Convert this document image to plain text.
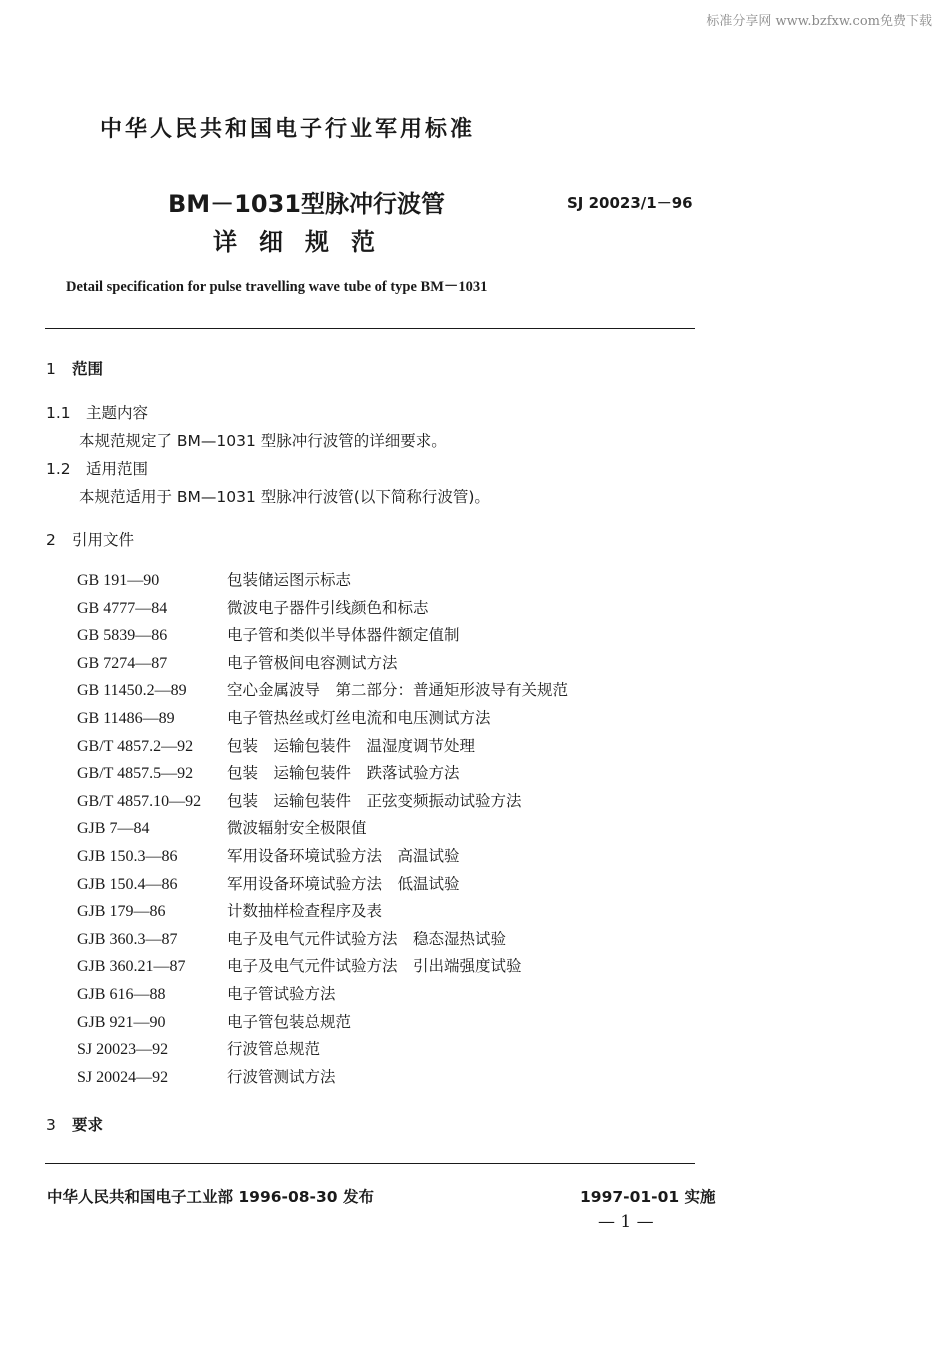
标准分享网 www.bzfxw.com免费下载
中华人民共和国电子行业军用标准
BM－1031型脉冲行波管
详细规范
SJ 20023/1－96
Detail specification for pulse travelling wave tube of type BM－1031
1 范围
1.1 主题内容
本规范规定了 BM—1031 型脉冲行波管的详细要求。
1.2 适用范围
本规范适用于 BM—1031 型脉冲行波管(以下简称行波管)。
2 引用文件
GB 191—90	包装储运图示标志
GB 4777—84	微波电子器件引线颜色和标志
GB 5839—86	电子管和类似半导体器件额定值制
GB 7274—87	电子管极间电容测试方法
GB 11450.2—89	空心金属波导　第二部分：普通矩形波导有关规范
GB 11486—89	电子管热丝或灯丝电流和电压测试方法
GB/T 4857.2—92 包装　运输包装件　温湿度调节处理
GB/T 4857.5—92 包装　运输包装件　跌落试验方法
GB/T 4857.10—92 包装　运输包装件　正弦变频振动试验方法
GJB 7—84	微波辐射安全极限值
GJB 150.3—86	军用设备环境试验方法　高温试验
GJB 150.4—86	军用设备环境试验方法　低温试验
GJB 179—86	计数抽样检查程序及表
GJB 360.3—87	电子及电气元件试验方法　稳态湿热试验
GJB 360.21—87	电子及电气元件试验方法　引出端强度试验
GJB 616—88	电子管试验方法
GJB 921—90	电子管包装总规范
SJ 20023—92	行波管总规范
SJ 20024—92	行波管测试方法
3 要求
中华人民共和国电子工业部 1996-08-30 发布	1997-01-01 实施
— 1 —
